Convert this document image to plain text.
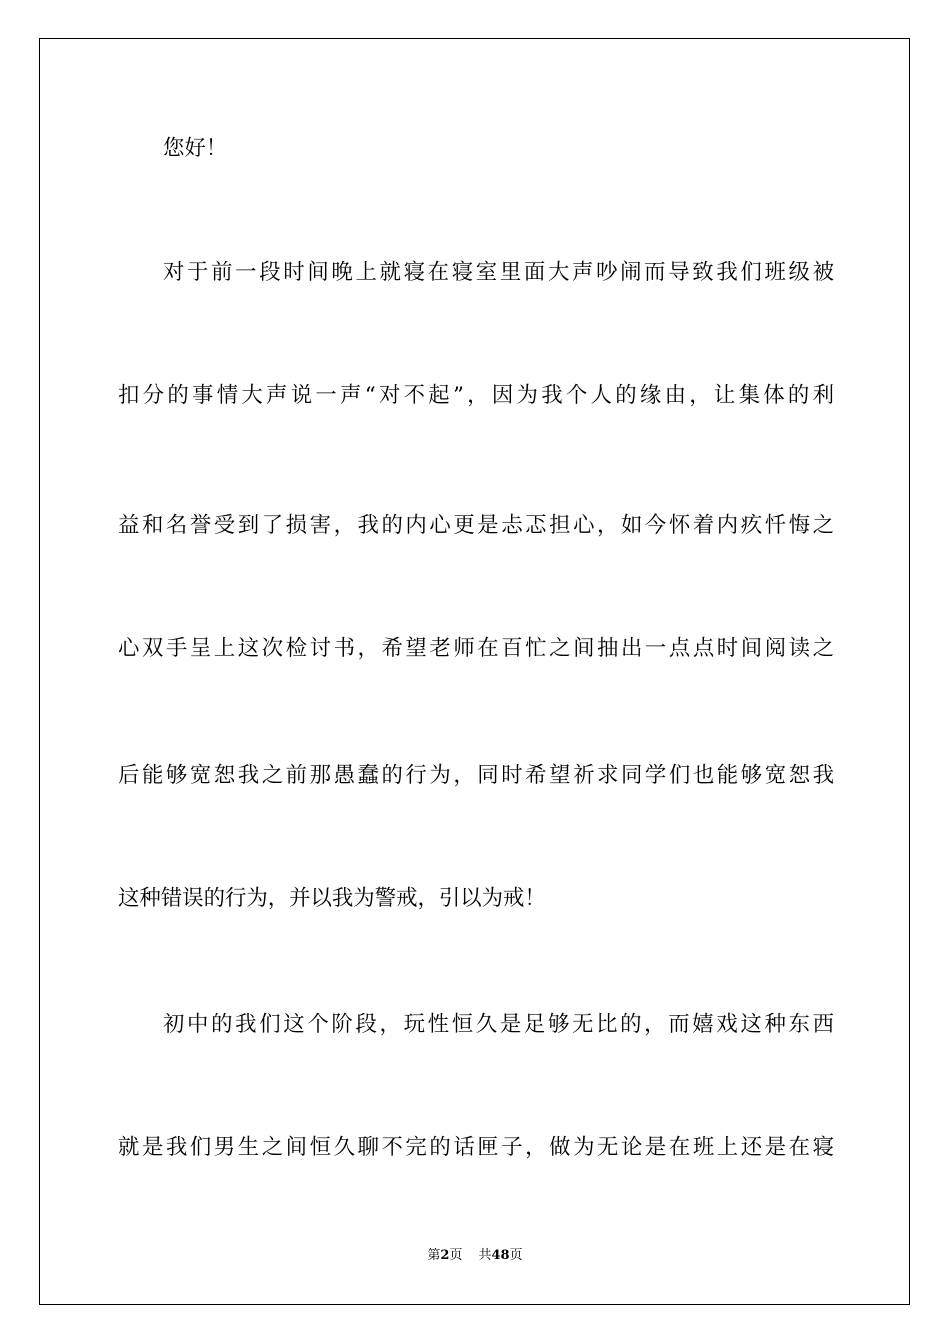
您好！
对于前一段时间晚上就寝在寝室里面大声吵闹而导致我们班级被
扣分的事情大声说一声“对不起”，因为我个人的缘由，让集体的利
益和名誉受到了损害，我的内心更是忐忑担心，如今怀着内疚忏悔之
心双手呈上这次检讨书，希望老师在百忙之间抽出一点点时间阅读之
后能够宽恕我之前那愚蠢的行为，同时希望祈求同学们也能够宽恕我
这种错误的行为，并以我为警戒，引以为戒！
初中的我们这个阶段，玩性恒久是足够无比的，而嬉戏这种东西
就是我们男生之间恒久聊不完的话匣子，做为无论是在班上还是在寝
第2页 共48页
